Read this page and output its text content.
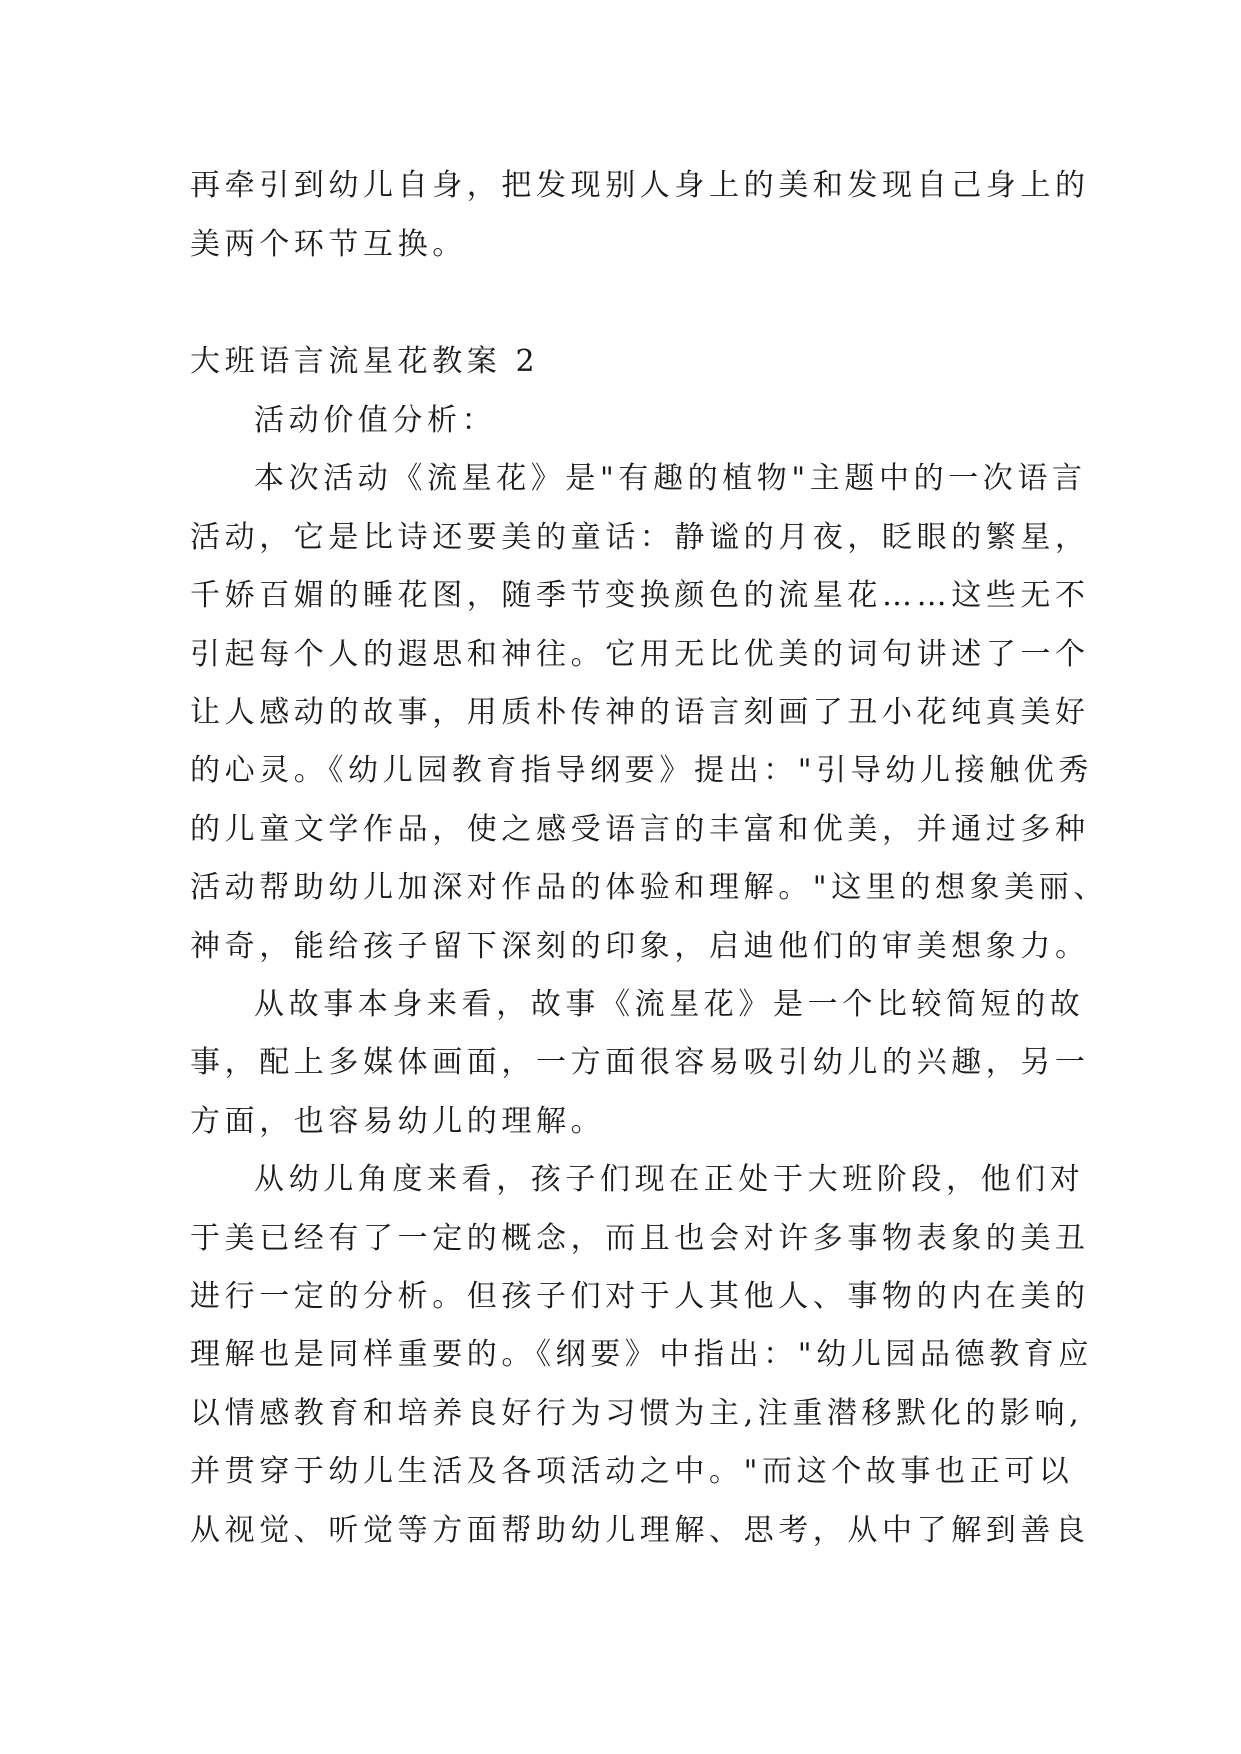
再牵引到幼儿自身，把发现别人身上的美和发现自己身上的
美两个环节互换。
大班语言流星花教案 2
活动价值分析：
本次活动《流星花》是"有趣的植物"主题中的一次语言
活动，它是比诗还要美的童话：静谧的月夜，眨眼的繁星，
千娇百媚的睡花图，随季节变换颜色的流星花……这些无不
引起每个人的遐思和神往。它用无比优美的词句讲述了一个
让人感动的故事，用质朴传神的语言刻画了丑小花纯真美好
的心灵。《幼儿园教育指导纲要》提出："引导幼儿接触优秀
的儿童文学作品，使之感受语言的丰富和优美，并通过多种
活动帮助幼儿加深对作品的体验和理解。"这里的想象美丽、
神奇，能给孩子留下深刻的印象，启迪他们的审美想象力。
从故事本身来看，故事《流星花》是一个比较简短的故
事，配上多媒体画面，一方面很容易吸引幼儿的兴趣，另一
方面，也容易幼儿的理解。
从幼儿角度来看，孩子们现在正处于大班阶段，他们对
于美已经有了一定的概念，而且也会对许多事物表象的美丑
进行一定的分析。但孩子们对于人其他人、事物的内在美的
理解也是同样重要的。《纲要》中指出："幼儿园品德教育应
以情感教育和培养良好行为习惯为主,注重潜移默化的影响,
并贯穿于幼儿生活及各项活动之中。"而这个故事也正可以
从视觉、听觉等方面帮助幼儿理解、思考，从中了解到善良
